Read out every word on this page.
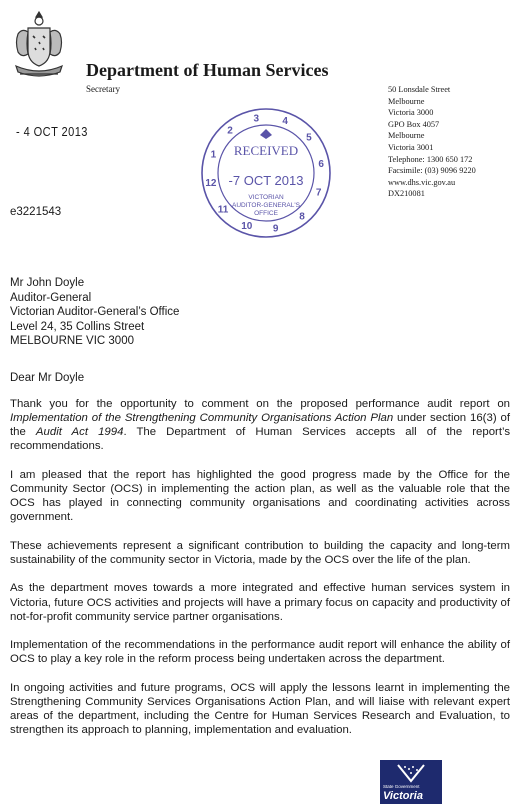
Department of Human Services
Secretary	50 Lonsdale Street
Melbourne
Victoria 3000
GPO Box 4057
Melbourne
Victoria 3001
Telephone: 1300 650 172
Facsimile: (03) 9096 9220
www.dhs.vic.gov.au
DX210081
- 4 OCT 2013
1
2
3 4
5
6
7
8
9
10
11
12
RECEIVED
-7 OCT 2013
VICTORIAN
AUDITOR-GENERAL'S
OFFICE
e3221543
Mr John Doyle
Auditor-General
Victorian Auditor-General’s Office
Level 24, 35 Collins Street
MELBOURNE VIC 3000
Dear Mr Doyle

Thank you for the opportunity to comment on the proposed performance audit report on Implementation of the Strengthening Community Organisations Action Plan under section 16(3) of the Audit Act 1994. The Department of Human Services accepts all of the report’s recommendations.

I am pleased that the report has highlighted the good progress made by the Office for the Community Sector (OCS) in implementing the action plan, as well as the valuable role that the OCS has played in connecting community organisations and coordinating activities across government.

These achievements represent a significant contribution to building the capacity and long-term sustainability of the community sector in Victoria, made by the OCS over the life of the plan.

As the department moves towards a more integrated and effective human services system in Victoria, future OCS activities and projects will have a primary focus on capacity and productivity of not-for-profit community service partner organisations.

Implementation of the recommendations in the performance audit report will enhance the ability of OCS to play a key role in the reform process being undertaken across the department.

In ongoing activities and future programs, OCS will apply the lessons learnt in implementing the Strengthening Community Services Organisations Action Plan, and will liaise with relevant expert areas of the department, including the Centre for Human Services Research and Evaluation, to strengthen its approach to planning, implementation and evaluation.

State Government
Victoria
